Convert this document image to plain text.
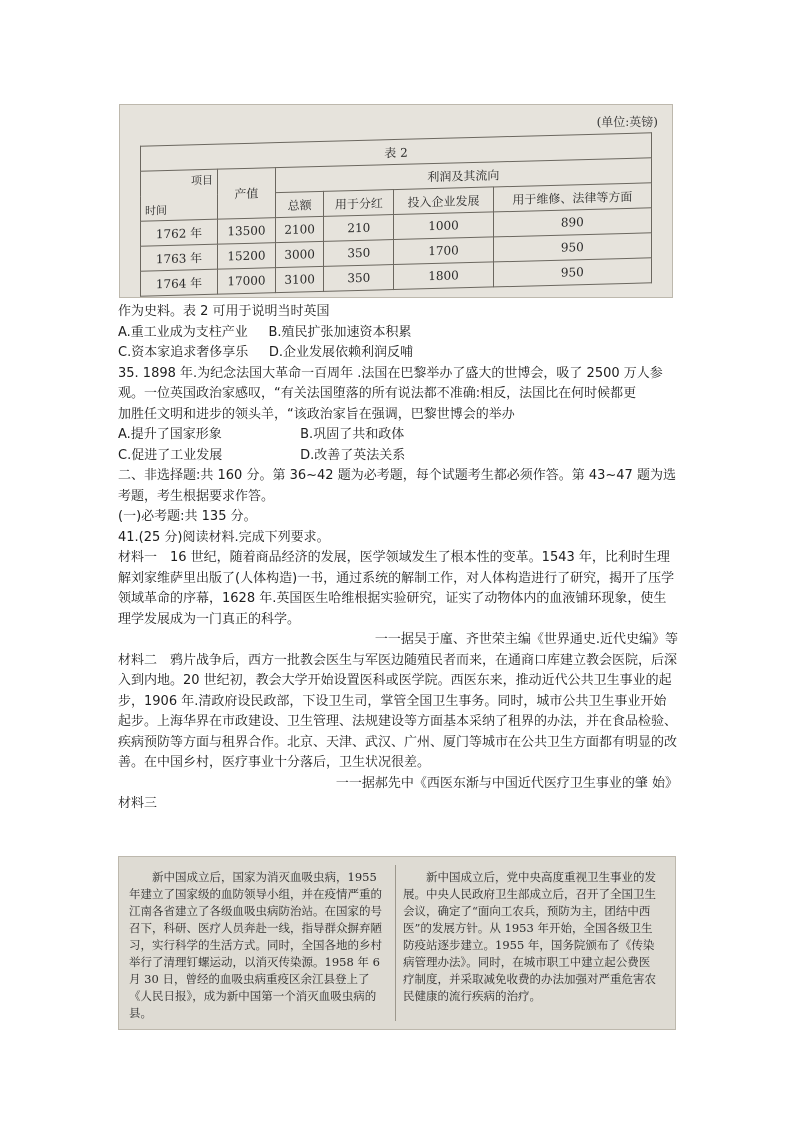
(单位:英镑)
表 2					

项目
时间	产值	利润及其流向			
		总额	用于分红	投入企业发展	用于维修、法律等方面
1762 年	13500	2100	210	1000	890
1763 年	15200	3000	350	1700	950
1764 年	17000	3100	350	1800	950

作为史料。表 2 可用于说明当时英国

A.重工业成为支柱产业 B.殖民扩张加速资本积累

C.资本家追求奢侈享乐 D.企业发展依赖利润反哺

35. 1898 年.为纪念法国大革命一百周年 .法国在巴黎举办了盛大的世博会，吸了 2500 万人参观。一位英国政治家感叹，“有关法国堕落的所有说法都不准确:相反，法国比在何时候都更

加胜任文明和进步的领头羊，“该政治家旨在强调，巴黎世博会的举办

A.提升了国家形象	B.巩固了共和政体

C.促进了工业发展	D.改善了英法关系

二、非选择题:共 160 分。第 36~42 题为必考题，每个试题考生都必须作答。第 43~47 题为选考题，考生根据要求作答。

(一)必考题:共 135 分。

41.(25 分)阅读材料.完成下列要求。

材料一　16 世纪，随着商品经济的发展，医学领域发生了根本性的变革。1543 年，比利时生理解刘家维萨里出版了(人体构造)一书，通过系统的解制工作，对人体构造进行了研究，揭开了压学领域革命的序幕，1628 年.英国医生哈维根据实验研究，证实了动物体内的血液铺环现象，使生理学发展成为一门真正的科学。

一一据吴于廑、齐世荣主编《世界通史.近代史编》等

材料二　鸦片战争后，西方一批教会医生与军医边随殖民者而来，在通商口库建立教会医院，后深入到内地。20 世纪初，教会大学开始设置医科或医学院。西医东来，推动近代公共卫生事业的起步，1906 年.清政府设民政部，下设卫生司，掌管全国卫生事务。同时，城市公共卫生事业开始起步。上海华界在市政建设、卫生管理、法规建设等方面基本采纳了租界的办法，并在食品检验、疾病预防等方面与租界合作。北京、天津、武汉、广州、厦门等城市在公共卫生方面都有明显的改善。在中国乡村，医疗事业十分落后，卫生状况很差。

一一据郝先中《西医东渐与中国近代医疗卫生事业的肇 始》

材料三

新中国成立后，国家为消灭血吸虫病，1955 年建立了国家级的血防领导小组，并在疫情严重的江南各省建立了各级血吸虫病防治站。在国家的号召下，科研、医疗人员奔赴一线，指导群众摒弃陋习，实行科学的生活方式。同时，全国各地的乡村举行了清理钉螺运动，以消灭传染源。1958 年 6 月 30 日，曾经的血吸虫病重疫区余江县登上了《人民日报》，成为新中国第一个消灭血吸虫病的县。
新中国成立后，党中央高度重视卫生事业的发展。中央人民政府卫生部成立后，召开了全国卫生会议，确定了“面向工农兵，预防为主，团结中西医”的发展方针。从 1953 年开始，全国各级卫生防疫站逐步建立。1955 年，国务院颁布了《传染病管理办法》。同时，在城市职工中建立起公费医疗制度，并采取减免收费的办法加强对严重危害农民健康的流行疾病的治疗。
